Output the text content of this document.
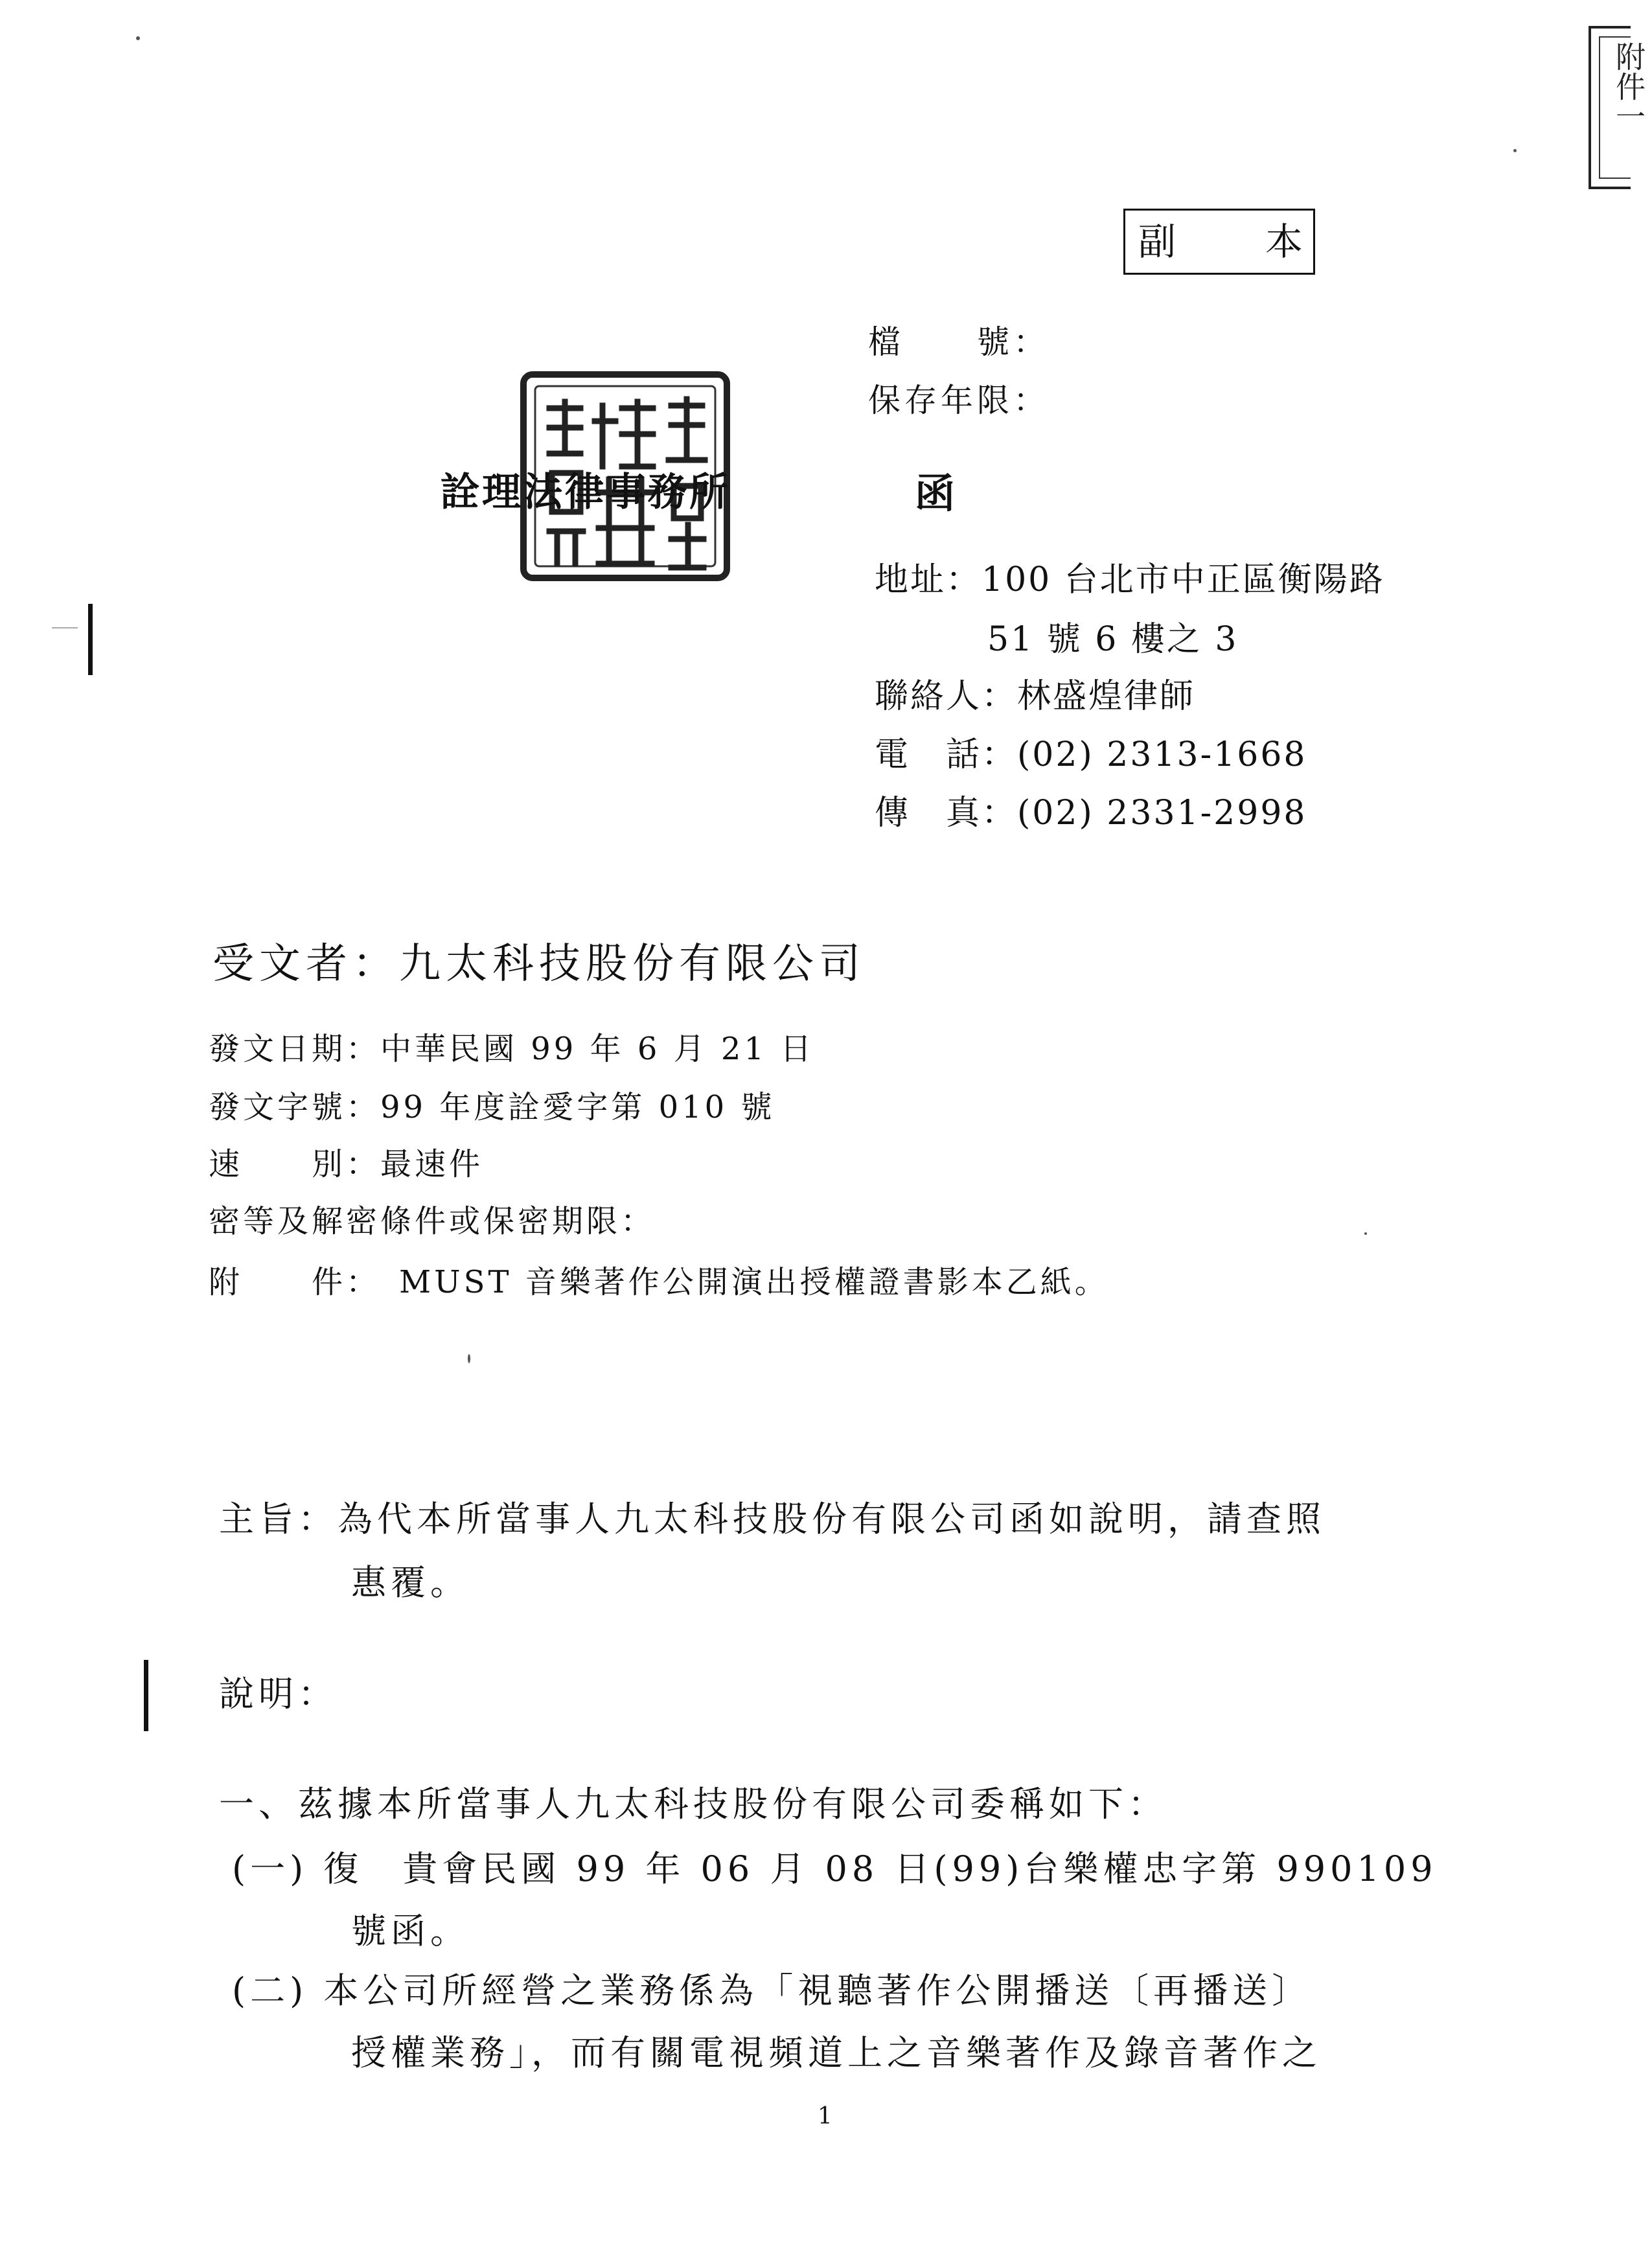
附件一
副 本
檔　　號：
保存年限：
詮理法律事務所	函
地址：100 台北市中正區衡陽路
51 號 6 樓之 3
聯絡人：林盛煌律師
電　話：(02) 2313-1668
傳　真：(02) 2331-2998
受文者：九太科技股份有限公司
發文日期：中華民國 99 年 6 月 21 日
發文字號：99 年度詮愛字第 010 號
速　　別：最速件
密等及解密條件或保密期限：
附　　件：　MUST 音樂著作公開演出授權證書影本乙紙。
主旨：為代本所當事人九太科技股份有限公司函如說明，請查照
惠覆。
說明：
一、茲據本所當事人九太科技股份有限公司委稱如下：
(一) 復　貴會民國 99 年 06 月 08 日(99)台樂權忠字第 990109
號函。
(二) 本公司所經營之業務係為「視聽著作公開播送〔再播送〕
授權業務」，而有關電視頻道上之音樂著作及錄音著作之
1
